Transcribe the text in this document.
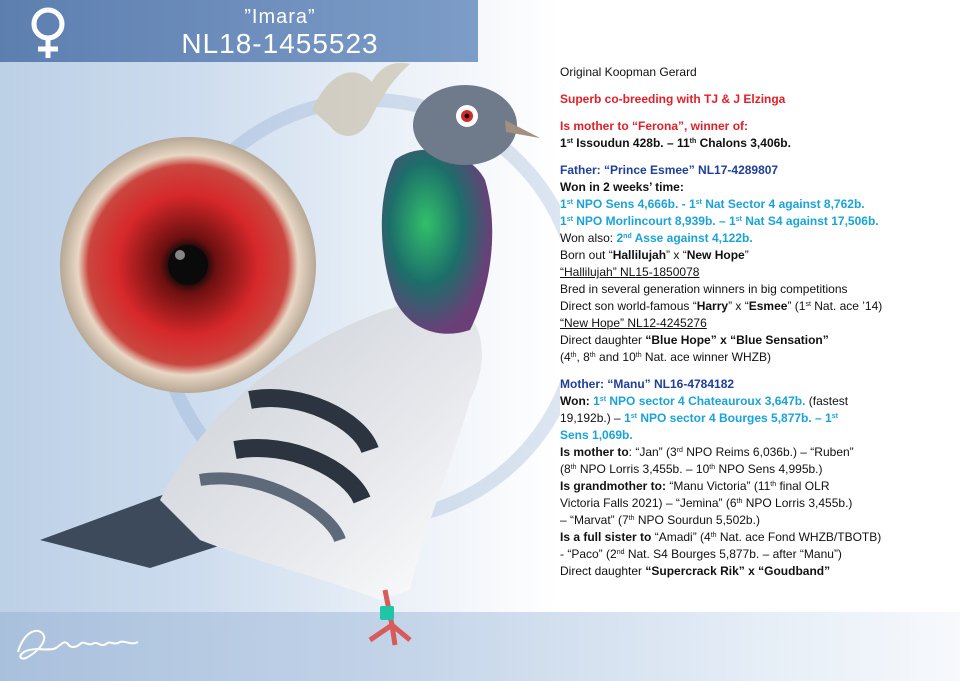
”Imara”
NL18-1455523

Original Koopman Gerard

Superb co-breeding with TJ & J Elzinga

Is mother to “Ferona”, winner of:

1st Issoudun 428b. – 11th Chalons 3,406b.

Father: “Prince Esmee” NL17-4289807

Won in 2 weeks’ time:

1st NPO Sens 4,666b. - 1st Nat Sector 4 against 8,762b.

1st NPO Morlincourt 8,939b. – 1st Nat S4 against 17,506b.

Won also: 2nd Asse against 4,122b.

Born out “Hallilujah” x “New Hope”

“Hallilujah” NL15-1850078

Bred in several generation winners in big competitions

Direct son world-famous “Harry” x “Esmee” (1st Nat. ace ’14)

“New Hope” NL12-4245276

Direct daughter “Blue Hope” x “Blue Sensation”

(4th, 8th and 10th Nat. ace winner WHZB)

Mother: “Manu” NL16-4784182

Won: 1st NPO sector 4 Chateauroux 3,647b. (fastest

19,192b.) – 1st NPO sector 4 Bourges 5,877b. – 1st

Sens 1,069b.

Is mother to: “Jan” (3rd NPO Reims 6,036b.) – “Ruben”

(8th NPO Lorris 3,455b. – 10th NPO Sens 4,995b.)

Is grandmother to: “Manu Victoria” (11th final OLR

Victoria Falls 2021) – “Jemina” (6th NPO Lorris 3,455b.)

– “Marvat” (7th NPO Sourdun 5,502b.)

Is a full sister to “Amadi” (4th Nat. ace Fond WHZB/TBOTB)

- “Paco” (2nd Nat. S4 Bourges 5,877b. – after “Manu”)

Direct daughter “Supercrack Rik” x “Goudband”
